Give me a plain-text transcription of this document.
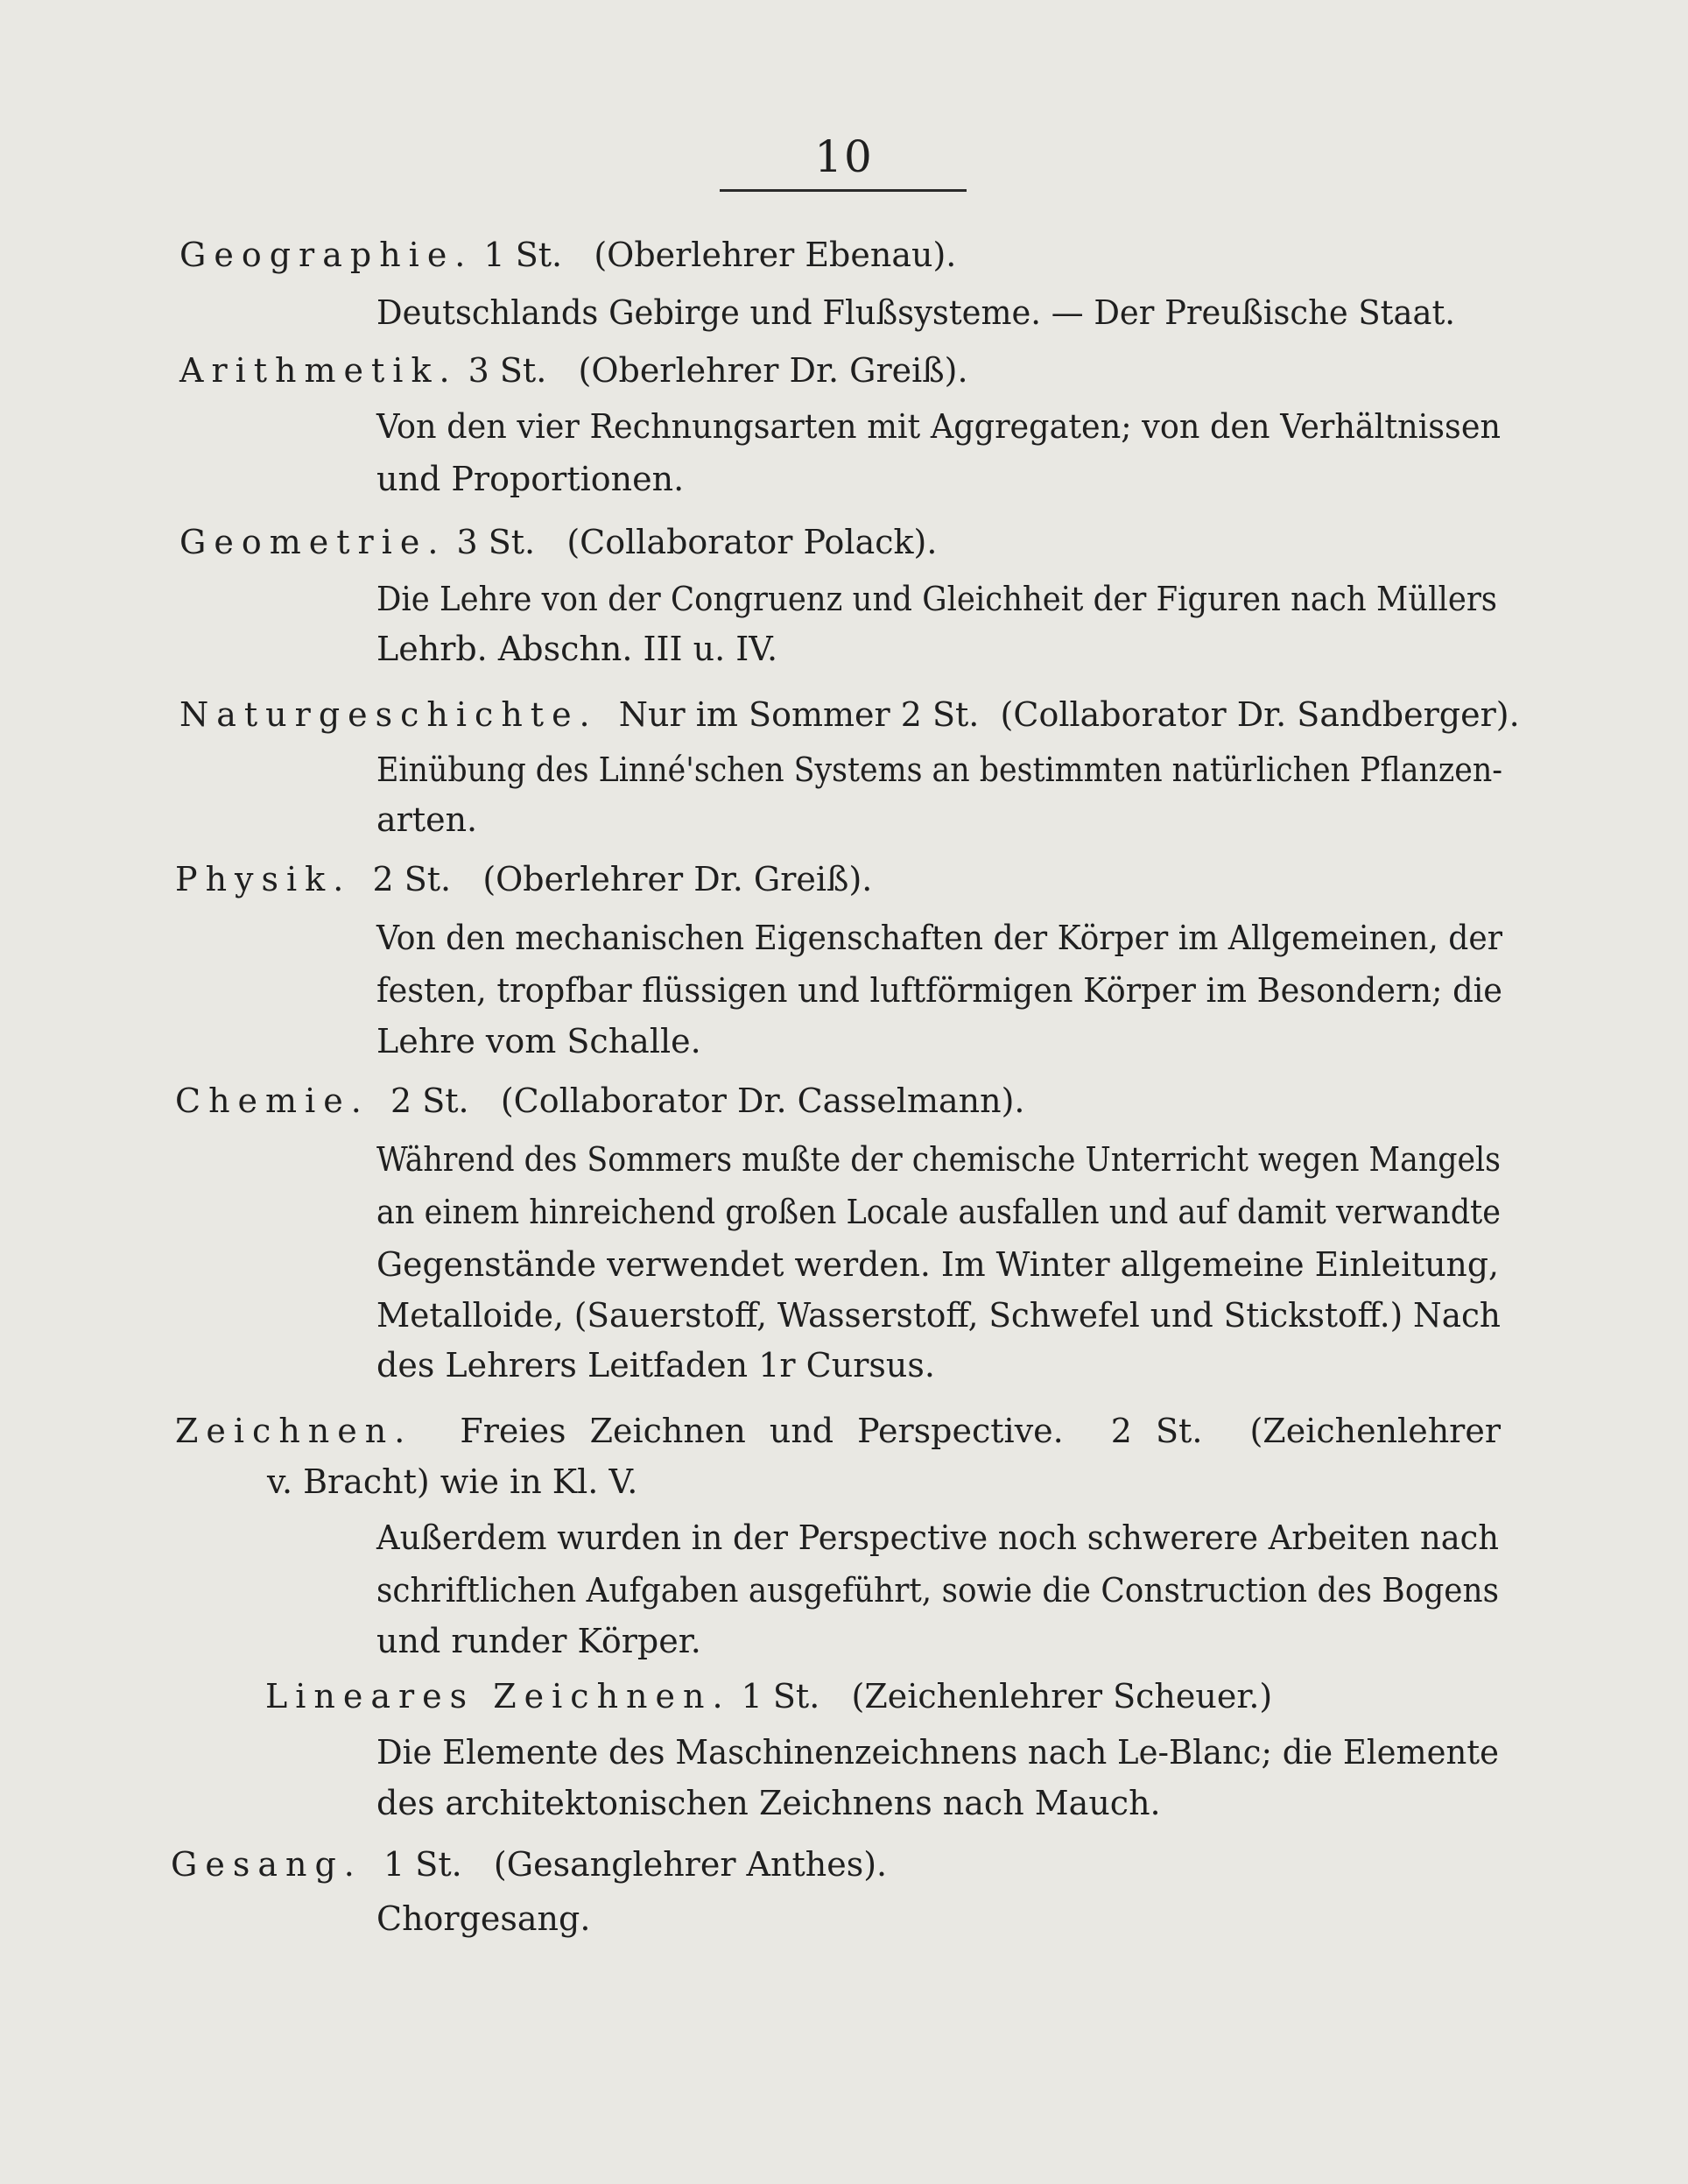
10
Geographie. 1 St.   (Oberlehrer Ebenau).
Deutschlands Gebirge und Flußsysteme. — Der Preußische Staat.
Arithmetik. 3 St.   (Oberlehrer Dr. Greiß).
Von den vier Rechnungsarten mit Aggregaten; von den Verhältnissen
und Proportionen.
Geometrie. 3 St.   (Collaborator Polack).
Die Lehre von der Congruenz und Gleichheit der Figuren nach Müllers
Lehrb. Abschn. III u. IV.
Naturgeschichte.  Nur im Sommer 2 St.  (Collaborator Dr. Sandberger).
Einübung des Linné'schen Systems an bestimmten natürlichen Pflanzen-
arten.
Physik.  2 St.   (Oberlehrer Dr. Greiß).
Von den mechanischen Eigenschaften der Körper im Allgemeinen, der
festen, tropfbar flüssigen und luftförmigen Körper im Besondern; die
Lehre vom Schalle.
Chemie.  2 St.   (Collaborator Dr. Casselmann).
Während des Sommers mußte der chemische Unterricht wegen Mangels
an einem hinreichend großen Locale ausfallen und auf damit verwandte
Gegenstände verwendet werden. Im Winter allgemeine Einleitung,
Metalloide, (Sauerstoff, Wasserstoff, Schwefel und Stickstoff.) Nach
des Lehrers Leitfaden 1r Cursus.
Zeichnen.  Freies Zeichnen und Perspective.  2 St.  (Zeichenlehrer
v. Bracht) wie in Kl. V.
Außerdem wurden in der Perspective noch schwerere Arbeiten nach
schriftlichen Aufgaben ausgeführt, sowie die Construction des Bogens
und runder Körper.
Lineares Zeichnen. 1 St.   (Zeichenlehrer Scheuer.)
Die Elemente des Maschinenzeichnens nach Le-Blanc; die Elemente
des architektonischen Zeichnens nach Mauch.
Gesang.  1 St.   (Gesanglehrer Anthes).
Chorgesang.
